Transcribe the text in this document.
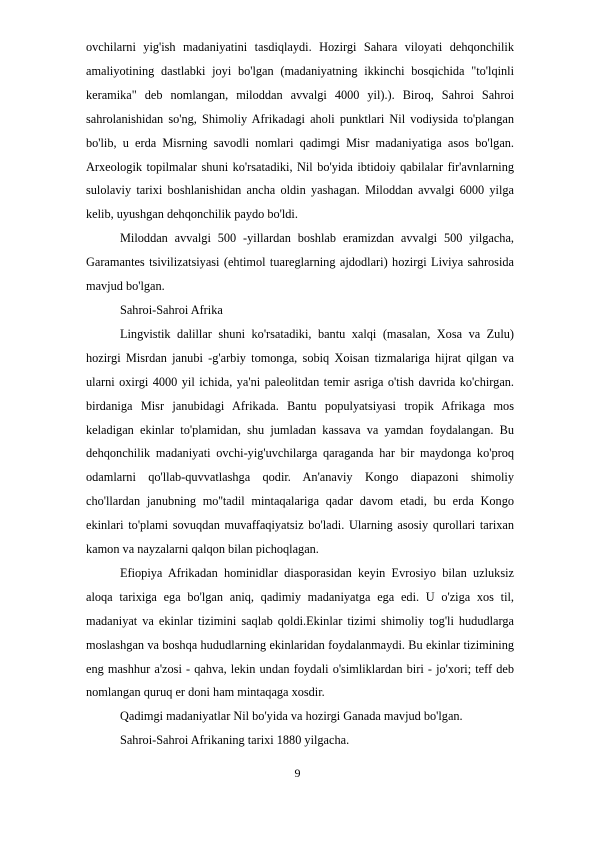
ovchilarni yig'ish madaniyatini tasdiqlaydi. Hozirgi Sahara viloyati dehqonchilik amaliyotining dastlabki joyi bo'lgan (madaniyatning ikkinchi bosqichida "to'lqinli keramika" deb nomlangan, miloddan avvalgi 4000 yil).). Biroq, Sahroi Sahroi sahrolanishidan so'ng, Shimoliy Afrikadagi aholi punktlari Nil vodiysida to'plangan bo'lib, u erda Misrning savodli nomlari qadimgi Misr madaniyatiga asos bo'lgan. Arxeologik topilmalar shuni ko'rsatadiki, Nil bo'yida ibtidoiy qabilalar fir'avnlarning sulolaviy tarixi boshlanishidan ancha oldin yashagan. Miloddan avvalgi 6000 yilga kelib, uyushgan dehqonchilik paydo bo'ldi.

Miloddan avvalgi 500 -yillardan boshlab eramizdan avvalgi 500 yilgacha, Garamantes tsivilizatsiyasi (ehtimol tuareglarning ajdodlari) hozirgi Liviya sahrosida mavjud bo'lgan.

Sahroi-Sahroi Afrika

Lingvistik dalillar shuni ko'rsatadiki, bantu xalqi (masalan, Xosa va Zulu) hozirgi Misrdan janubi -g'arbiy tomonga, sobiq Xoisan tizmalariga hijrat qilgan va ularni oxirgi 4000 yil ichida, ya'ni paleolitdan temir asriga o'tish davrida ko'chirgan. birdaniga Misr janubidagi Afrikada. Bantu populyatsiyasi tropik Afrikaga mos keladigan ekinlar to'plamidan, shu jumladan kassava va yamdan foydalangan. Bu dehqonchilik madaniyati ovchi-yig'uvchilarga qaraganda har bir maydonga ko'proq odamlarni qo'llab-quvvatlashga qodir. An'anaviy Kongo diapazoni shimoliy cho'llardan janubning mo''tadil mintaqalariga qadar davom etadi, bu erda Kongo ekinlari to'plami sovuqdan muvaffaqiyatsiz bo'ladi. Ularning asosiy qurollari tarixan kamon va nayzalarni qalqon bilan pichoqlagan.

Efiopiya Afrikadan hominidlar diasporasidan keyin Evrosiyo bilan uzluksiz aloqa tarixiga ega bo'lgan aniq, qadimiy madaniyatga ega edi. U o'ziga xos til, madaniyat va ekinlar tizimini saqlab qoldi.Ekinlar tizimi shimoliy tog'li hududlarga moslashgan va boshqa hududlarning ekinlaridan foydalanmaydi. Bu ekinlar tizimining eng mashhur a'zosi - qahva, lekin undan foydali o'simliklardan biri - jo'xori; teff deb nomlangan quruq er doni ham mintaqaga xosdir.

Qadimgi madaniyatlar Nil bo'yida va hozirgi Ganada mavjud bo'lgan.

Sahroi-Sahroi Afrikaning tarixi 1880 yilgacha.

9
